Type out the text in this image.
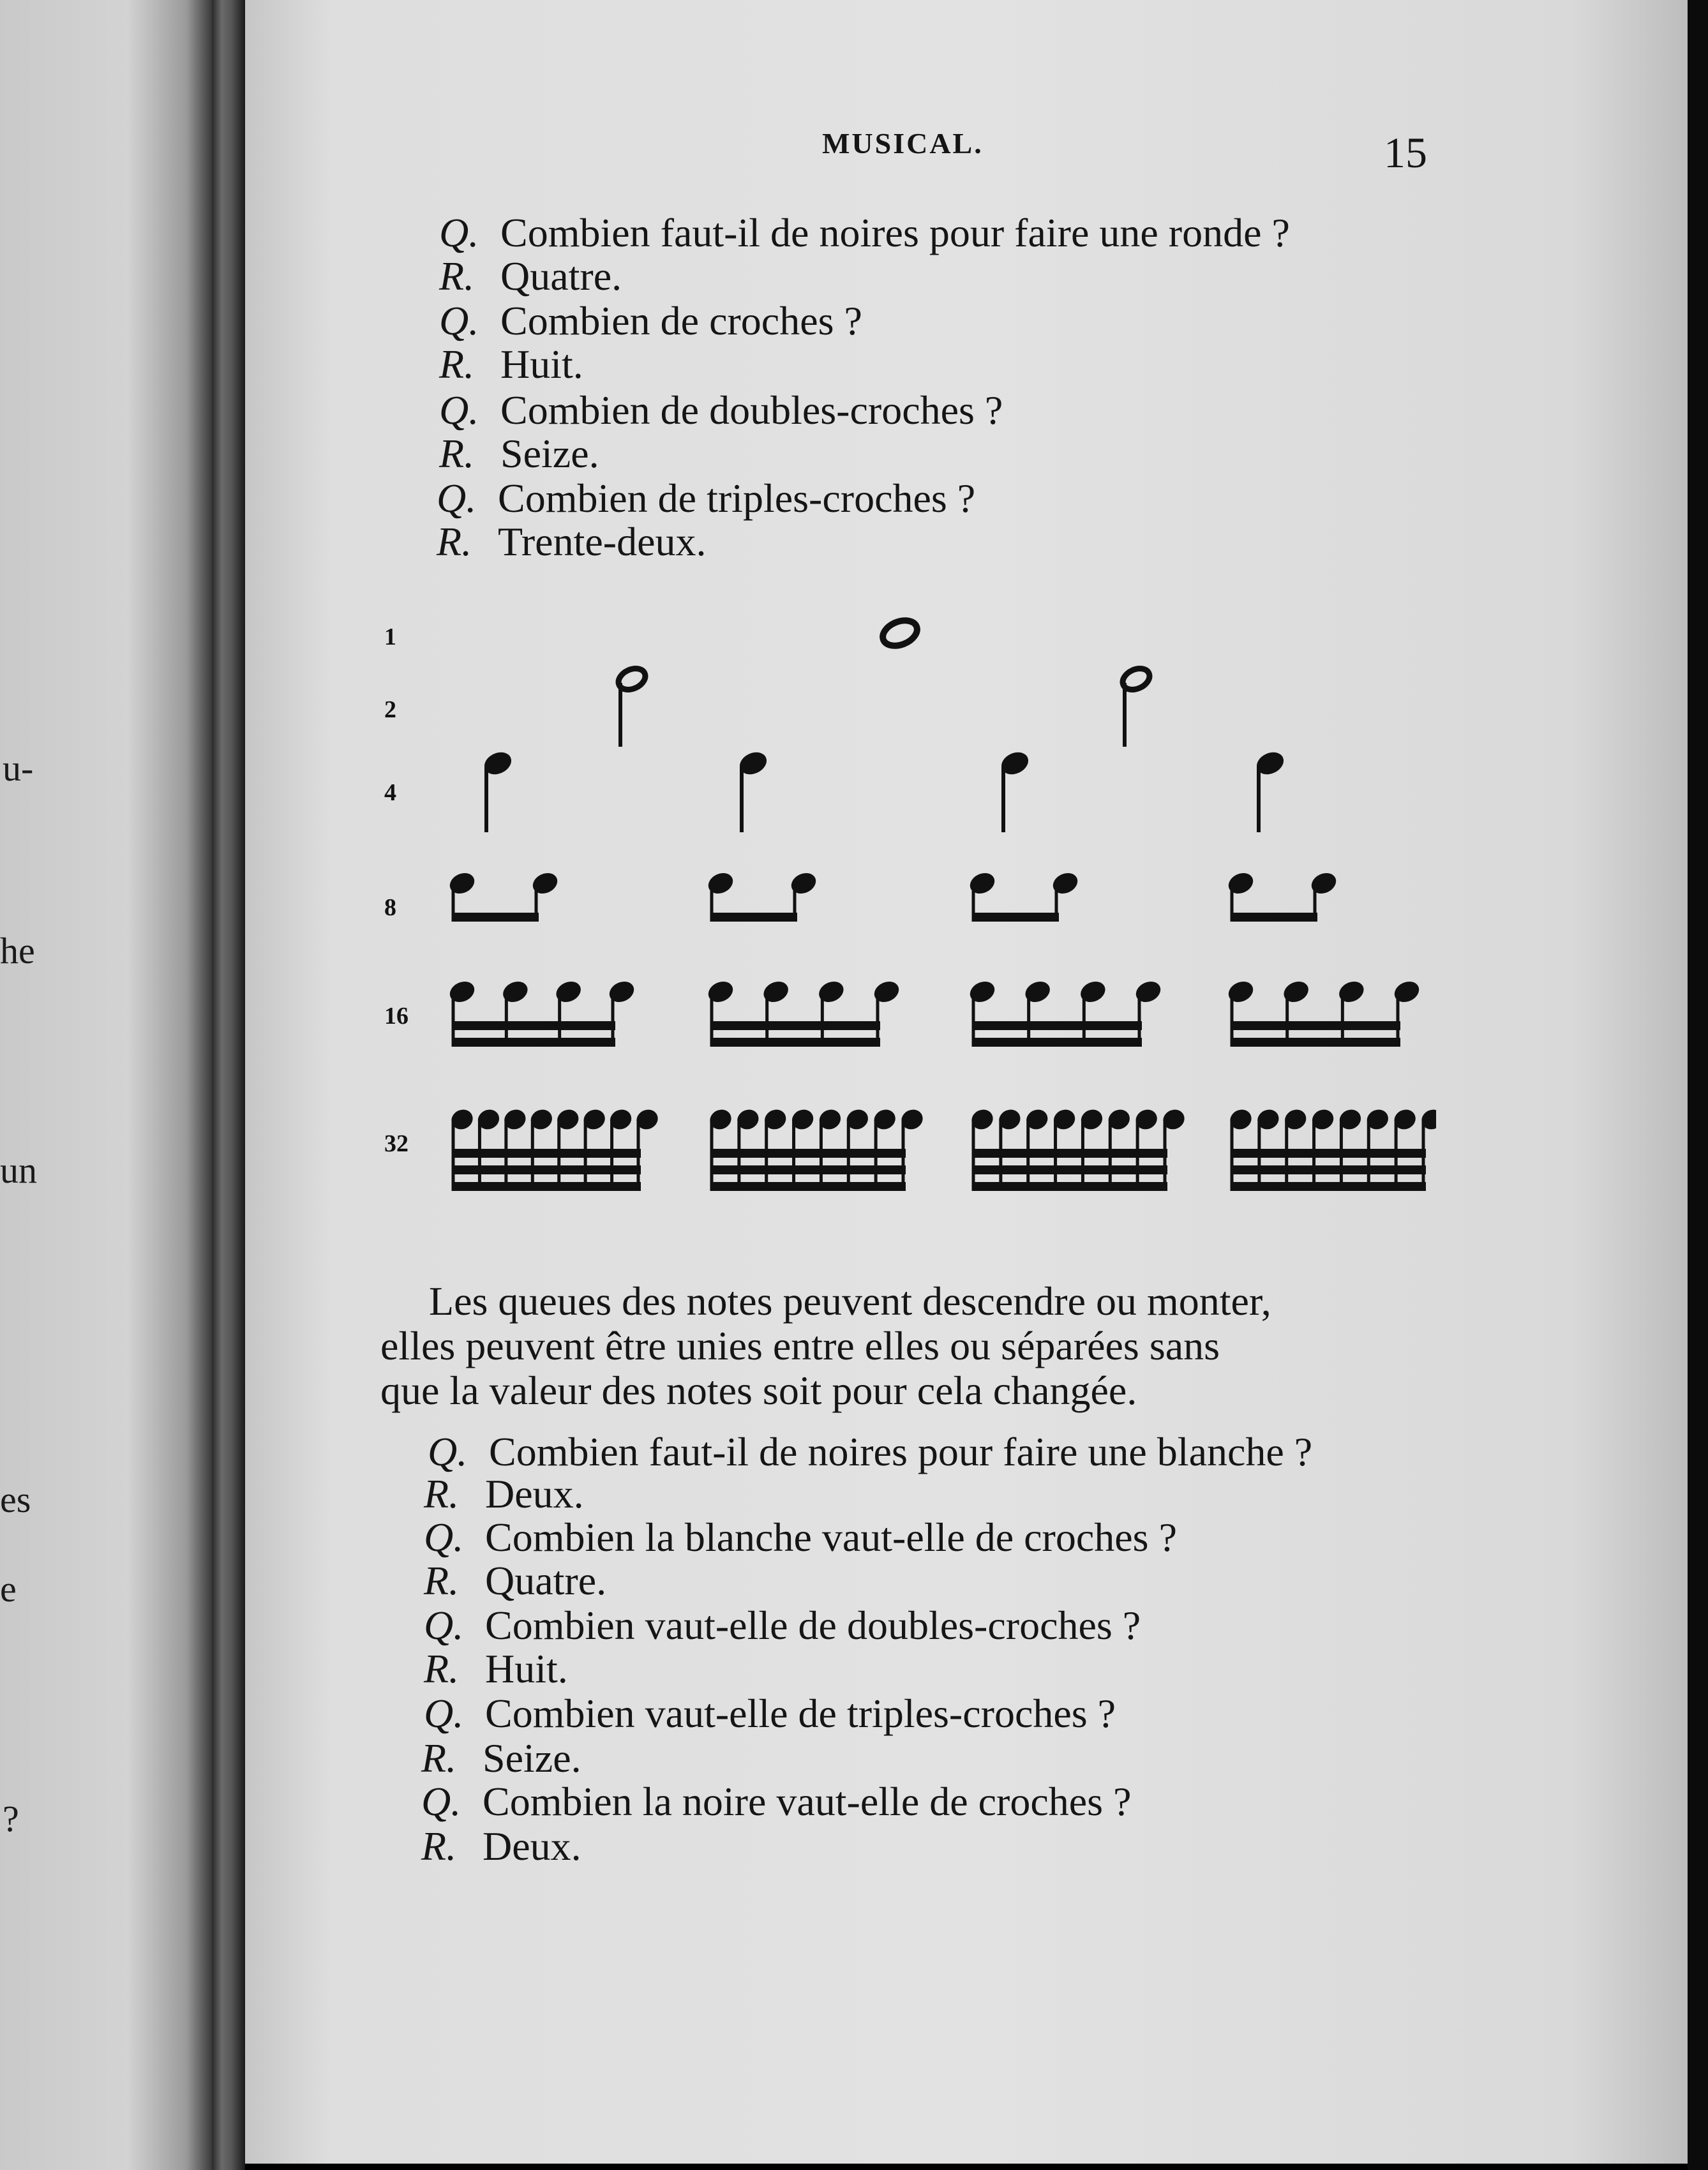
u-
he
un
es
e
?
MUSICAL.	15
Q. Combien faut-il de noires pour faire une ronde ?
R. Quatre.
Q. Combien de croches ?
R. Huit.
Q. Combien de doubles-croches ?
R. Seize.
Q. Combien de triples-croches ?
R. Trente-deux.
1
2
4
8
16
32
Les queues des notes peuvent descendre ou monter,
elles peuvent être unies entre elles ou séparées sans
que la valeur des notes soit pour cela changée.
Q. Combien faut-il de noires pour faire une blanche ?
R. Deux.
Q. Combien la blanche vaut-elle de croches ?
R. Quatre.
Q. Combien vaut-elle de doubles-croches ?
R. Huit.
Q. Combien vaut-elle de triples-croches ?
R. Seize.
Q. Combien la noire vaut-elle de croches ?
R. Deux.
